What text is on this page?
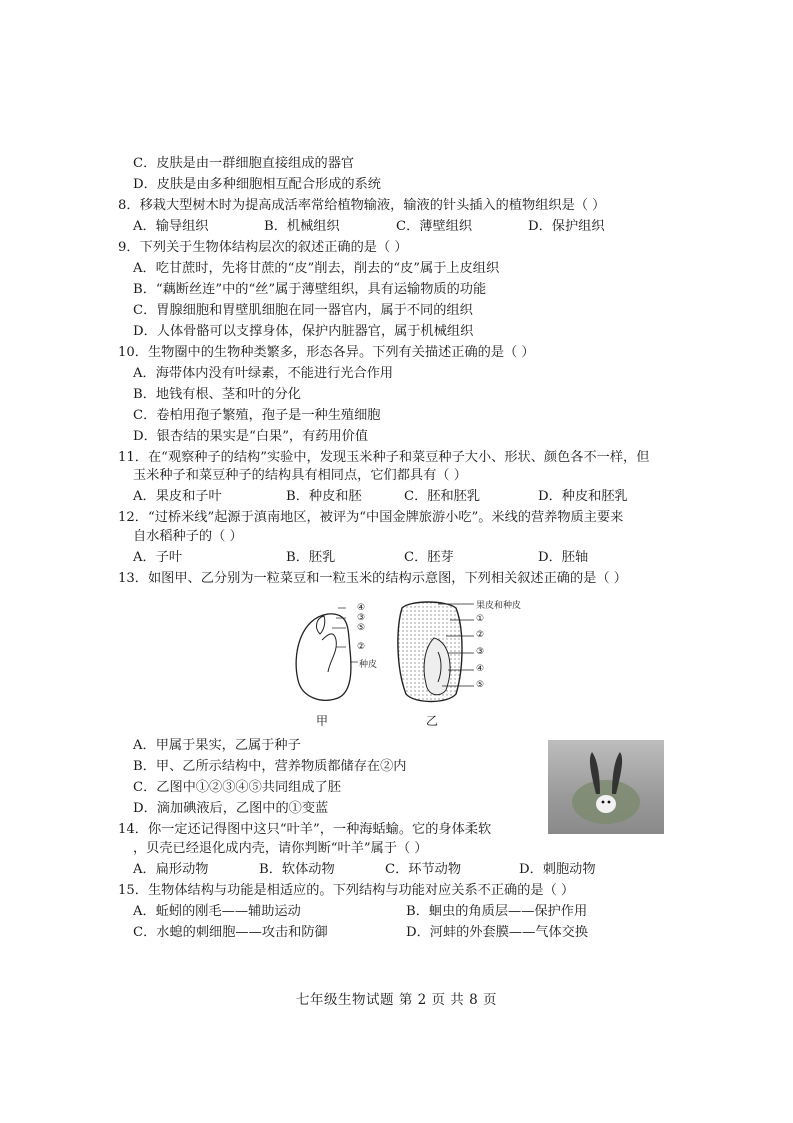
C．皮肤是由一群细胞直接组成的器官
D．皮肤是由多种细胞相互配合形成的系统
8．移栽大型树木时为提高成活率常给植物输液，输液的针头插入的植物组织是（ ）
A．输导组织	B．机械组织	C．薄壁组织	D．保护组织
9．下列关于生物体结构层次的叙述正确的是（ ）
A．吃甘蔗时，先将甘蔗的“皮”削去，削去的“皮”属于上皮组织
B．“藕断丝连”中的“丝”属于薄壁组织，具有运输物质的功能
C．胃腺细胞和胃壁肌细胞在同一器官内，属于不同的组织
D．人体骨骼可以支撑身体，保护内脏器官，属于机械组织
10．生物圈中的生物种类繁多，形态各异。下列有关描述正确的是（ ）
A．海带体内没有叶绿素，不能进行光合作用
B．地钱有根、茎和叶的分化
C．卷柏用孢子繁殖，孢子是一种生殖细胞
D．银杏结的果实是“白果”，有药用价值
11．在“观察种子的结构”实验中，发现玉米种子和菜豆种子大小、形状、颜色各不一样，但
玉米种子和菜豆种子的结构具有相同点，它们都具有（ ）
A．果皮和子叶	B．种皮和胚	C．胚和胚乳	D．种皮和胚乳
12．“过桥米线”起源于滇南地区，被评为“中国金牌旅游小吃”。米线的营养物质主要来
自水稻种子的（ ）
A．子叶	B．胚乳	C．胚芽	D．胚轴
13．如图甲、乙分别为一粒菜豆和一粒玉米的结构示意图，下列相关叙述正确的是（ ）
④
③
⑤
②
种皮
甲
果皮和种皮
①
②
③
④
⑤
乙
A．甲属于果实，乙属于种子
B．甲、乙所示结构中，营养物质都储存在②内
C．乙图中①②③④⑤共同组成了胚
D．滴加碘液后，乙图中的①变蓝
14．你一定还记得图中这只“叶羊”，一种海蛞蝓。它的身体柔软
，贝壳已经退化成内壳，请你判断“叶羊”属于（ ）
A．扁形动物	B．软体动物	C．环节动物	D．刺胞动物
15．生物体结构与功能是相适应的。下列结构与功能对应关系不正确的是（ ）
A．蚯蚓的刚毛——辅助运动	B．蛔虫的角质层——保护作用
C．水螅的刺细胞——攻击和防御	D．河蚌的外套膜——气体交换
七年级生物试题 第 2 页 共 8 页
